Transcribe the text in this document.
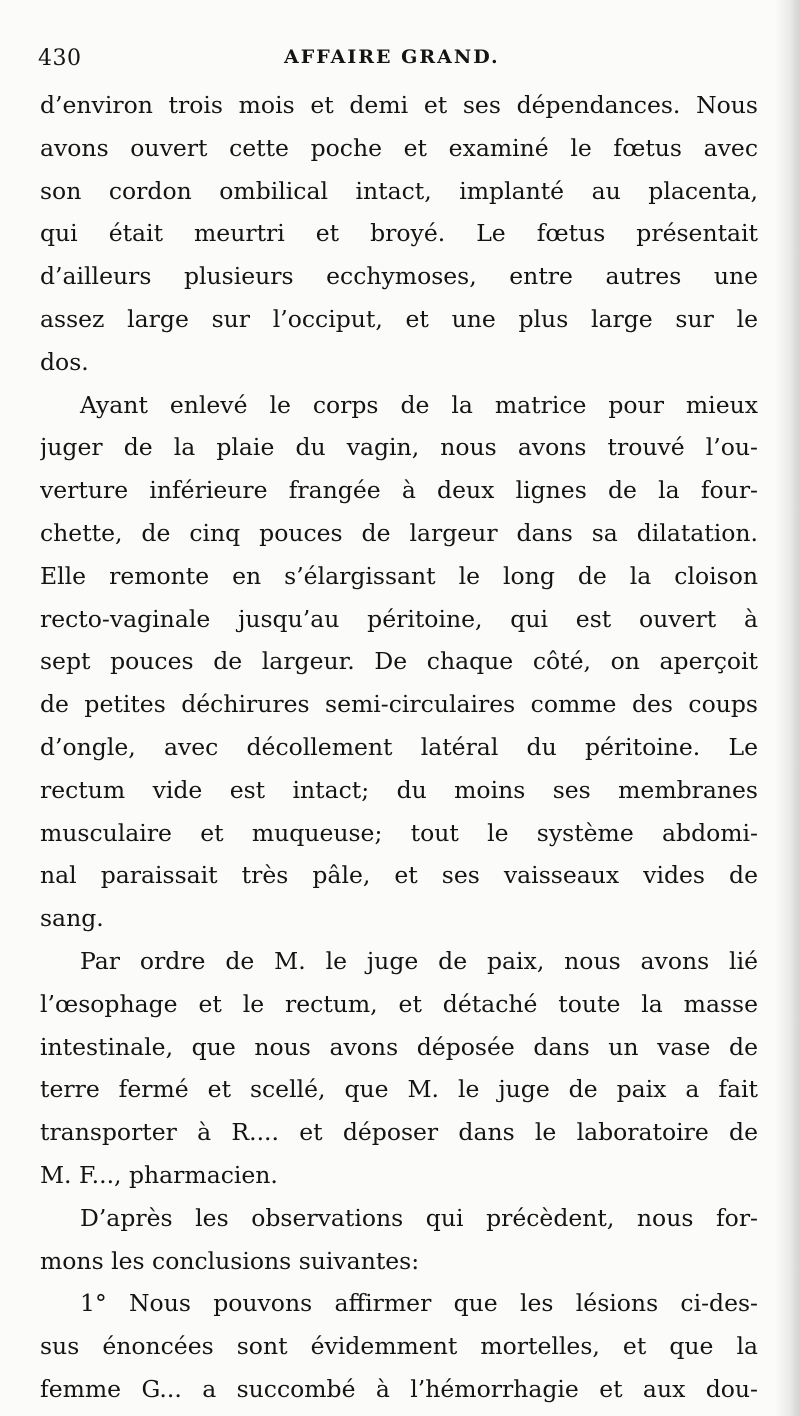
430	AFFAIRE GRAND.
d’environ trois mois et demi et ses dépendances. Nous
avons ouvert cette poche et examiné le fœtus avec
son cordon ombilical intact, implanté au placenta,
qui était meurtri et broyé. Le fœtus présentait
d’ailleurs plusieurs ecchymoses, entre autres une
assez large sur l’occiput, et une plus large sur le
dos.
Ayant enlevé le corps de la matrice pour mieux
juger de la plaie du vagin, nous avons trouvé l’ou-
verture inférieure frangée à deux lignes de la four-
chette, de cinq pouces de largeur dans sa dilatation.
Elle remonte en s’élargissant le long de la cloison
recto-vaginale jusqu’au péritoine, qui est ouvert à
sept pouces de largeur. De chaque côté, on aperçoit
de petites déchirures semi-circulaires comme des coups
d’ongle, avec décollement latéral du péritoine. Le
rectum vide est intact; du moins ses membranes
musculaire et muqueuse; tout le système abdomi-
nal paraissait très pâle, et ses vaisseaux vides de
sang.
Par ordre de M. le juge de paix, nous avons lié
l’œsophage et le rectum, et détaché toute la masse
intestinale, que nous avons déposée dans un vase de
terre fermé et scellé, que M. le juge de paix a fait
transporter à R.... et déposer dans le laboratoire de
M. F..., pharmacien.
D’après les observations qui précèdent, nous for-
mons les conclusions suivantes:
1° Nous pouvons affirmer que les lésions ci-des-
sus énoncées sont évidemment mortelles, et que la
femme G... a succombé à l’hémorrhagie et aux dou-
